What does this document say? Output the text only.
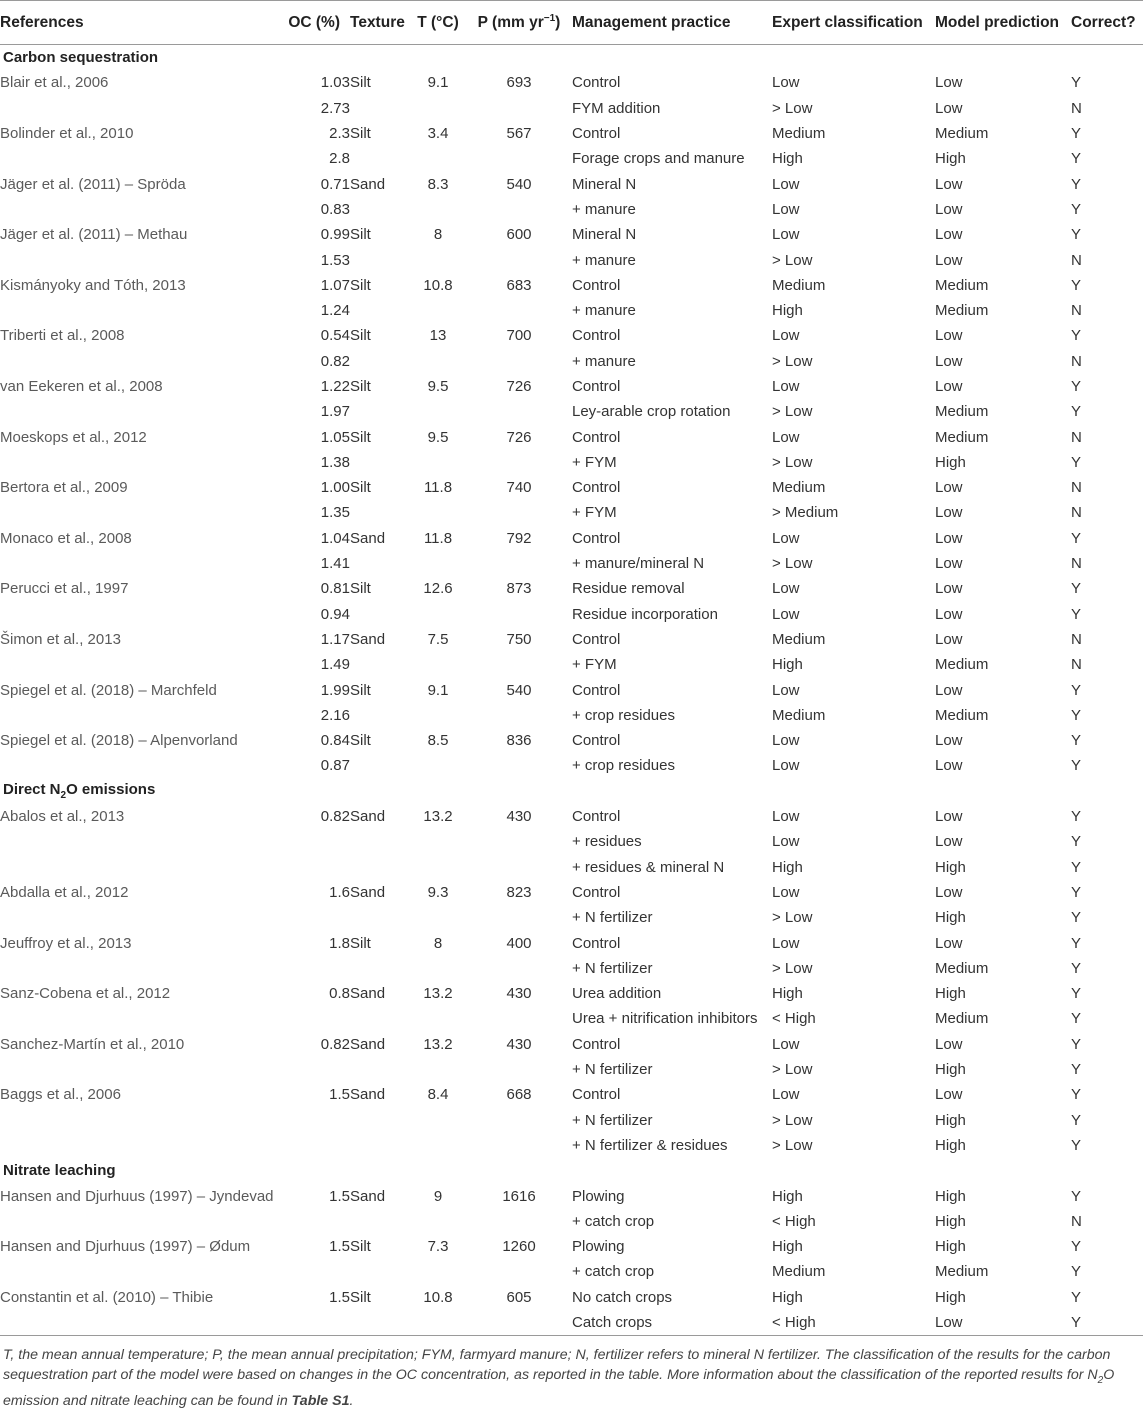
References	OC (%)	Texture	T (°C)	P (mm $yr^{-1}$)	Management practice	Expert classification	Model prediction	Correct?
Carbon sequestration								
Blair et al., 2006	1.03	Silt	9.1	693	Control	Low	Low	Y
	2.73				FYM addition	> Low	Low	N
Bolinder et al., 2010	2.3	Silt	3.4	567	Control	Medium	Medium	Y
	2.8				Forage crops and manure	High	High	Y
Jäger et al. (2011) – Spröda	0.71	Sand	8.3	540	Mineral N	Low	Low	Y
	0.83				+ manure	Low	Low	Y
Jäger et al. (2011) – Methau	0.99	Silt	8	600	Mineral N	Low	Low	Y
	1.53				+ manure	> Low	Low	N
Kismányoky and Tóth, 2013	1.07	Silt	10.8	683	Control	Medium	Medium	Y
	1.24				+ manure	High	Medium	N
Triberti et al., 2008	0.54	Silt	13	700	Control	Low	Low	Y
	0.82				+ manure	> Low	Low	N
van Eekeren et al., 2008	1.22	Silt	9.5	726	Control	Low	Low	Y
	1.97				Ley-arable crop rotation	> Low	Medium	Y
Moeskops et al., 2012	1.05	Silt	9.5	726	Control	Low	Medium	N
	1.38				+ FYM	> Low	High	Y
Bertora et al., 2009	1.00	Silt	11.8	740	Control	Medium	Low	N
	1.35				+ FYM	> Medium	Low	N
Monaco et al., 2008	1.04	Sand	11.8	792	Control	Low	Low	Y
	1.41				+ manure/mineral N	> Low	Low	N
Perucci et al., 1997	0.81	Silt	12.6	873	Residue removal	Low	Low	Y
	0.94				Residue incorporation	Low	Low	Y
Šimon et al., 2013	1.17	Sand	7.5	750	Control	Medium	Low	N
	1.49				+ FYM	High	Medium	N
Spiegel et al. (2018) – Marchfeld	1.99	Silt	9.1	540	Control	Low	Low	Y
	2.16				+ crop residues	Medium	Medium	Y
Spiegel et al. (2018) – Alpenvorland	0.84	Silt	8.5	836	Control	Low	Low	Y
	0.87				+ crop residues	Low	Low	Y
Direct $N_2O$ emissions								
Abalos et al., 2013	0.82	Sand	13.2	430	Control	Low	Low	Y
					+ residues	Low	Low	Y
					+ residues & mineral N	High	High	Y
Abdalla et al., 2012	1.6	Sand	9.3	823	Control	Low	Low	Y
					+ N fertilizer	> Low	High	Y
Jeuffroy et al., 2013	1.8	Silt	8	400	Control	Low	Low	Y
					+ N fertilizer	> Low	Medium	Y
Sanz-Cobena et al., 2012	0.8	Sand	13.2	430	Urea addition	High	High	Y
					Urea + nitrification inhibitors	< High	Medium	Y
Sanchez-Martín et al., 2010	0.82	Sand	13.2	430	Control	Low	Low	Y
					+ N fertilizer	> Low	High	Y
Baggs et al., 2006	1.5	Sand	8.4	668	Control	Low	Low	Y
					+ N fertilizer	> Low	High	Y
					+ N fertilizer & residues	> Low	High	Y
Nitrate leaching								
Hansen and Djurhuus (1997) – Jyndevad	1.5	Sand	9	1616	Plowing	High	High	Y
					+ catch crop	< High	High	N
Hansen and Djurhuus (1997) – Ødum	1.5	Silt	7.3	1260	Plowing	High	High	Y
					+ catch crop	Medium	Medium	Y
Constantin et al. (2010) – Thibie	1.5	Silt	10.8	605	No catch crops	High	High	Y
					Catch crops	< High	Low	Y
T, the mean annual temperature; P, the mean annual precipitation; FYM, farmyard manure; N, fertilizer refers to mineral N fertilizer. The classification of the results for the carbon sequestration part of the model were based on changes in the OC concentration, as reported in the table. More information about the classification of the reported results for $N_2O$ emission and nitrate leaching can be found in Table S1.
